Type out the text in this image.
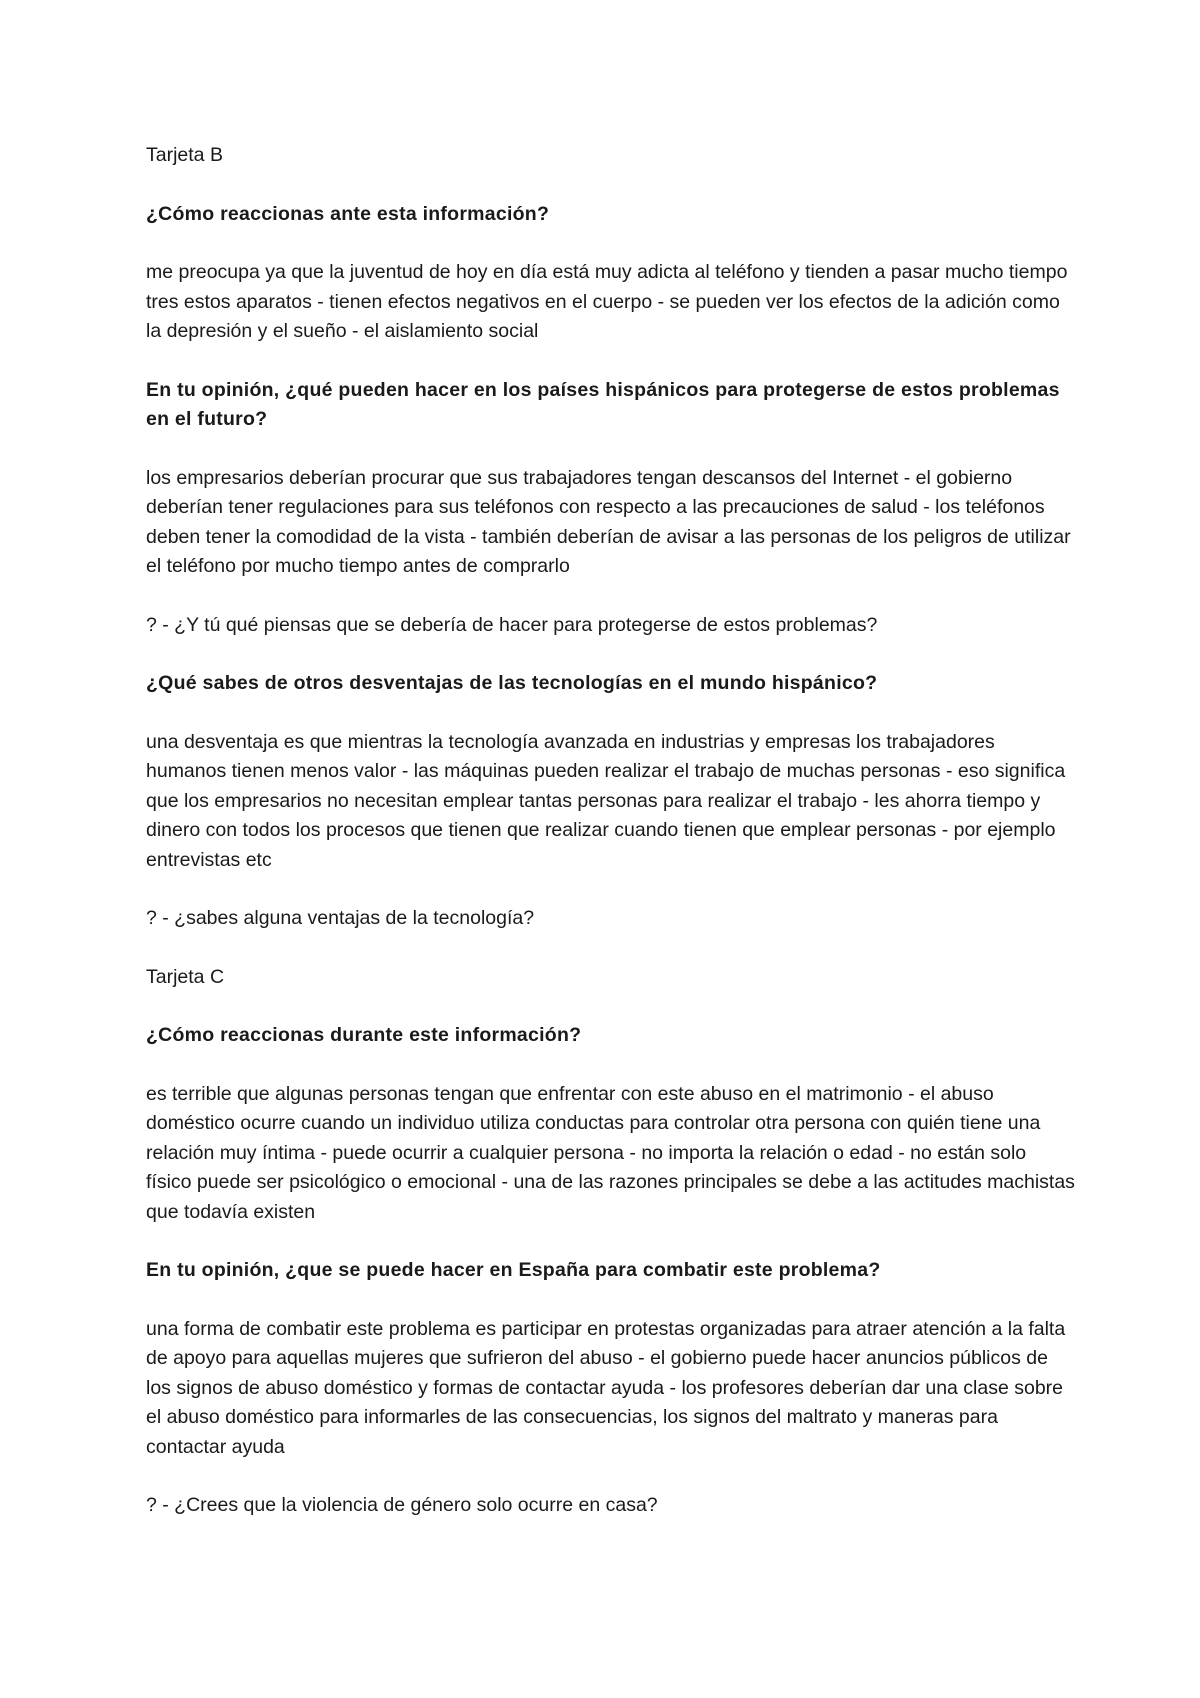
Tarjeta B

¿Cómo reaccionas ante esta información?

me preocupa ya que la juventud de hoy en día está muy adicta al teléfono y tienden a pasar mucho tiempo tres estos aparatos - tienen efectos negativos en el cuerpo - se pueden ver los efectos de la adición como la depresión y el sueño - el aislamiento social

En tu opinión, ¿qué pueden hacer en los países hispánicos para protegerse de estos problemas en el futuro?

los empresarios deberían procurar que sus trabajadores tengan descansos del Internet - el gobierno deberían tener regulaciones para sus teléfonos con respecto a las precauciones de salud - los teléfonos deben tener la comodidad de la vista - también deberían de avisar a las personas de los peligros de utilizar el teléfono por mucho tiempo antes de comprarlo

? - ¿Y tú qué piensas que se debería de hacer para protegerse de estos problemas?

¿Qué sabes de otros desventajas de las tecnologías en el mundo hispánico?

una desventaja es que mientras la tecnología avanzada en industrias y empresas los trabajadores humanos tienen menos valor - las máquinas pueden realizar el trabajo de muchas personas - eso significa que los empresarios no necesitan emplear tantas personas para realizar el trabajo - les ahorra tiempo y dinero con todos los procesos que tienen que realizar cuando tienen que emplear personas - por ejemplo entrevistas etc

? - ¿sabes alguna ventajas de la tecnología?

Tarjeta C

¿Cómo reaccionas durante este información?

es terrible que algunas personas tengan que enfrentar con este abuso en el matrimonio - el abuso doméstico ocurre cuando un individuo utiliza conductas para controlar otra persona con quién tiene una relación muy íntima - puede ocurrir a cualquier persona - no importa la relación o edad - no están solo físico puede ser psicológico o emocional - una de las razones principales se debe a las actitudes machistas que todavía existen

En tu opinión, ¿que se puede hacer en España para combatir este problema?

una forma de combatir este problema es participar en protestas organizadas para atraer atención a la falta de apoyo para aquellas mujeres que sufrieron del abuso - el gobierno puede hacer anuncios públicos de los signos de abuso doméstico y formas de contactar ayuda - los profesores deberían dar una clase sobre el abuso doméstico para informarles de las consecuencias, los signos del maltrato y maneras para contactar ayuda

? - ¿Crees que la violencia de género solo ocurre en casa?
